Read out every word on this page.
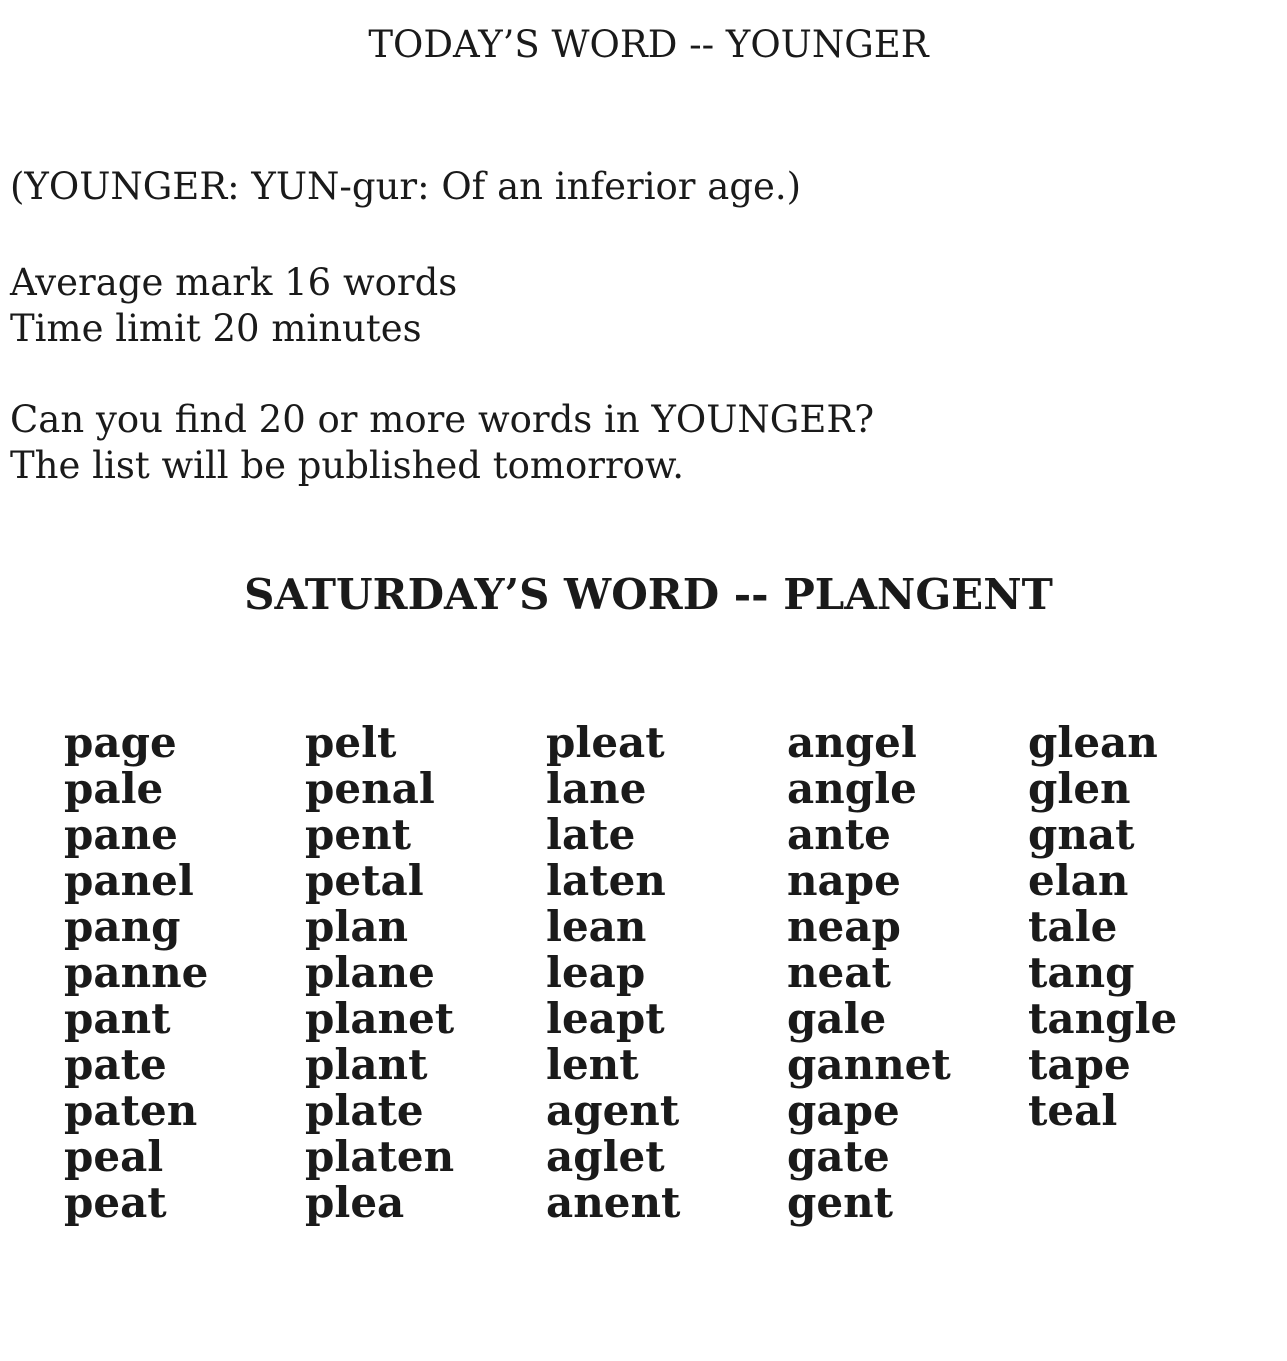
TODAY’S WORD -- YOUNGER

(YOUNGER: YUN-gur: Of an inferior age.)

Average mark 16 words
Time limit 20 minutes

Can you find 20 or more words in YOUNGER?
The list will be published tomorrow.

SATURDAY’S WORD -- PLANGENT
page
pale
pane
panel
pang
panne
pant
pate
paten
peal
peat
pelt
penal
pent
petal
plan
plane
planet
plant
plate
platen
plea
pleat
lane
late
laten
lean
leap
leapt
lent
agent
aglet
anent
angel
angle
ante
nape
neap
neat
gale
gannet
gape
gate
gent
glean
glen
gnat
elan
tale
tang
tangle
tape
teal
